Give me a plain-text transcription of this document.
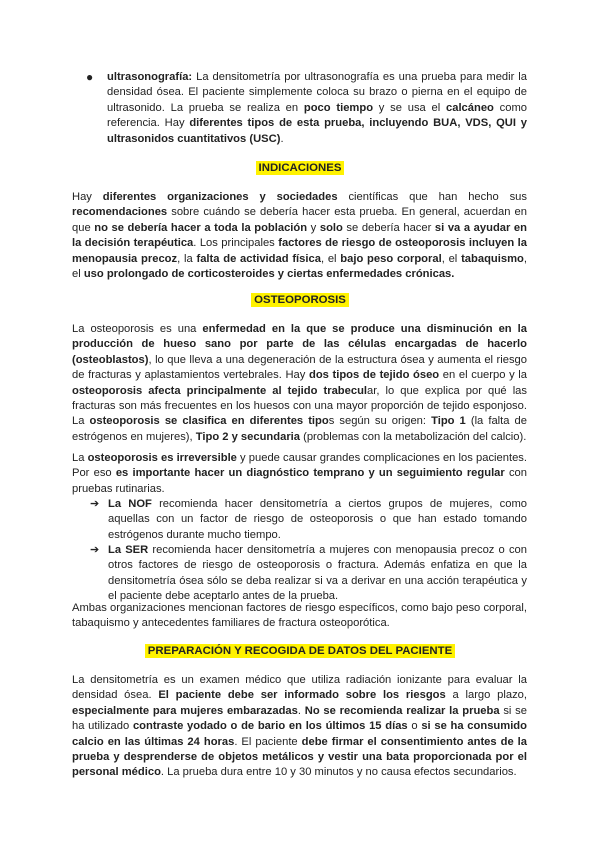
● ultrasonografía: La densitometría por ultrasonografía es una prueba para medir la densidad ósea. El paciente simplemente coloca su brazo o pierna en el equipo de ultrasonido. La prueba se realiza en poco tiempo y se usa el calcáneo como referencia. Hay diferentes tipos de esta prueba, incluyendo BUA, VDS, QUI y ultrasonidos cuantitativos (USC).

INDICACIONES

Hay diferentes organizaciones y sociedades científicas que han hecho sus recomendaciones sobre cuándo se debería hacer esta prueba. En general, acuerdan en que no se debería hacer a toda la población y solo se debería hacer si va a ayudar en la decisión terapéutica. Los principales factores de riesgo de osteoporosis incluyen la menopausia precoz, la falta de actividad física, el bajo peso corporal, el tabaquismo, el uso prolongado de corticosteroides y ciertas enfermedades crónicas.

OSTEOPOROSIS

La osteoporosis es una enfermedad en la que se produce una disminución en la producción de hueso sano por parte de las células encargadas de hacerlo (osteoblastos), lo que lleva a una degeneración de la estructura ósea y aumenta el riesgo de fracturas y aplastamientos vertebrales. Hay dos tipos de tejido óseo en el cuerpo y la osteoporosis afecta principalmente al tejido trabecular, lo que explica por qué las fracturas son más frecuentes en los huesos con una mayor proporción de tejido esponjoso. La osteoporosis se clasifica en diferentes tipos según su origen: Tipo 1 (la falta de estrógenos en mujeres), Tipo 2 y secundaria (problemas con la metabolización del calcio).

La osteoporosis es irreversible y puede causar grandes complicaciones en los pacientes. Por eso es importante hacer un diagnóstico temprano y un seguimiento regular con pruebas rutinarias.

➔ La NOF recomienda hacer densitometría a ciertos grupos de mujeres, como aquellas con un factor de riesgo de osteoporosis o que han estado tomando estrógenos durante mucho tiempo.

➔ La SER recomienda hacer densitometría a mujeres con menopausia precoz o con otros factores de riesgo de osteoporosis o fractura. Además enfatiza en que la densitometría ósea sólo se deba realizar si va a derivar en una acción terapéutica y el paciente debe aceptarlo antes de la prueba.

Ambas organizaciones mencionan factores de riesgo específicos, como bajo peso corporal, tabaquismo y antecedentes familiares de fractura osteoporótica.

PREPARACIÓN Y RECOGIDA DE DATOS DEL PACIENTE

La densitometría es un examen médico que utiliza radiación ionizante para evaluar la densidad ósea. El paciente debe ser informado sobre los riesgos a largo plazo, especialmente para mujeres embarazadas. No se recomienda realizar la prueba si se ha utilizado contraste yodado o de bario en los últimos 15 días o si se ha consumido calcio en las últimas 24 horas. El paciente debe firmar el consentimiento antes de la prueba y desprenderse de objetos metálicos y vestir una bata proporcionada por el personal médico. La prueba dura entre 10 y 30 minutos y no causa efectos secundarios.
